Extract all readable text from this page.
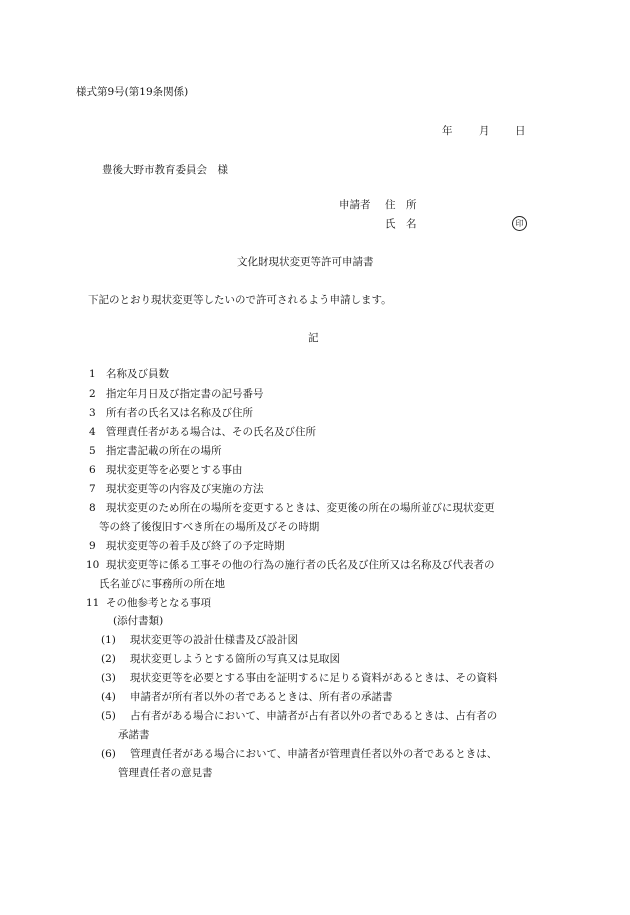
様式第9号(第19条関係)
年	月 日
豊後大野市教育委員会　様
申請者 住　所
氏　名	印
文化財現状変更等許可申請書
下記のとおり現状変更等したいので許可されるよう申請します。
記
1 名称及び員数
2 指定年月日及び指定書の記号番号
3 所有者の氏名又は名称及び住所
4 管理責任者がある場合は、その氏名及び住所
5 指定書記載の所在の場所
6 現状変更等を必要とする事由
7 現状変更等の内容及び実施の方法
8 現状変更のため所在の場所を変更するときは、変更後の所在の場所並びに現状変更
等の終了後復旧すべき所在の場所及びその時期
9 現状変更等の着手及び終了の予定時期
10 現状変更等に係る工事その他の行為の施行者の氏名及び住所又は名称及び代表者の
氏名並びに事務所の所在地
11 その他参考となる事項
(添付書類)
(1) 現状変更等の設計仕様書及び設計図
(2) 現状変更しようとする箇所の写真又は見取図
(3) 現状変更等を必要とする事由を証明するに足りる資料があるときは、その資料
(4) 申請者が所有者以外の者であるときは、所有者の承諾書
(5) 占有者がある場合において、申請者が占有者以外の者であるときは、占有者の
承諾書
(6) 管理責任者がある場合において、申請者が管理責任者以外の者であるときは、
管理責任者の意見書
